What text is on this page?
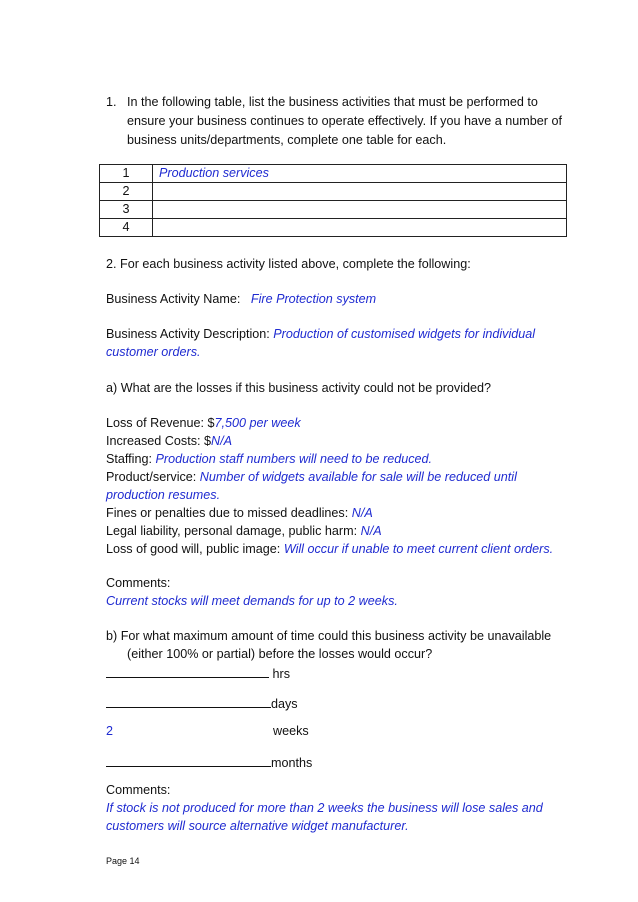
1. In the following table, list the business activities that must be performed to ensure your business continues to operate effectively. If you have a number of business units/departments, complete one table for each.
1	Production services
2	
3	
4	
2. For each business activity listed above, complete the following:
Business Activity Name: Fire Protection system
Business Activity Description: Production of customised widgets for individual
customer orders.
a) What are the losses if this business activity could not be provided?
Loss of Revenue: $7,500 per week
Increased Costs: $N/A
Staffing: Production staff numbers will need to be reduced.
Product/service: Number of widgets available for sale will be reduced until
production resumes.
Fines or penalties due to missed deadlines: N/A
Legal liability, personal damage, public harm: N/A
Loss of good will, public image: Will occur if unable to meet current client orders.
Comments:
Current stocks will meet demands for up to 2 weeks.
b) For what maximum amount of time could this business activity be unavailable
(either 100% or partial) before the losses would occur?
hrs
days
2	weeks
months
Comments:
If stock is not produced for more than 2 weeks the business will lose sales and
customers will source alternative widget manufacturer.
Page 14
